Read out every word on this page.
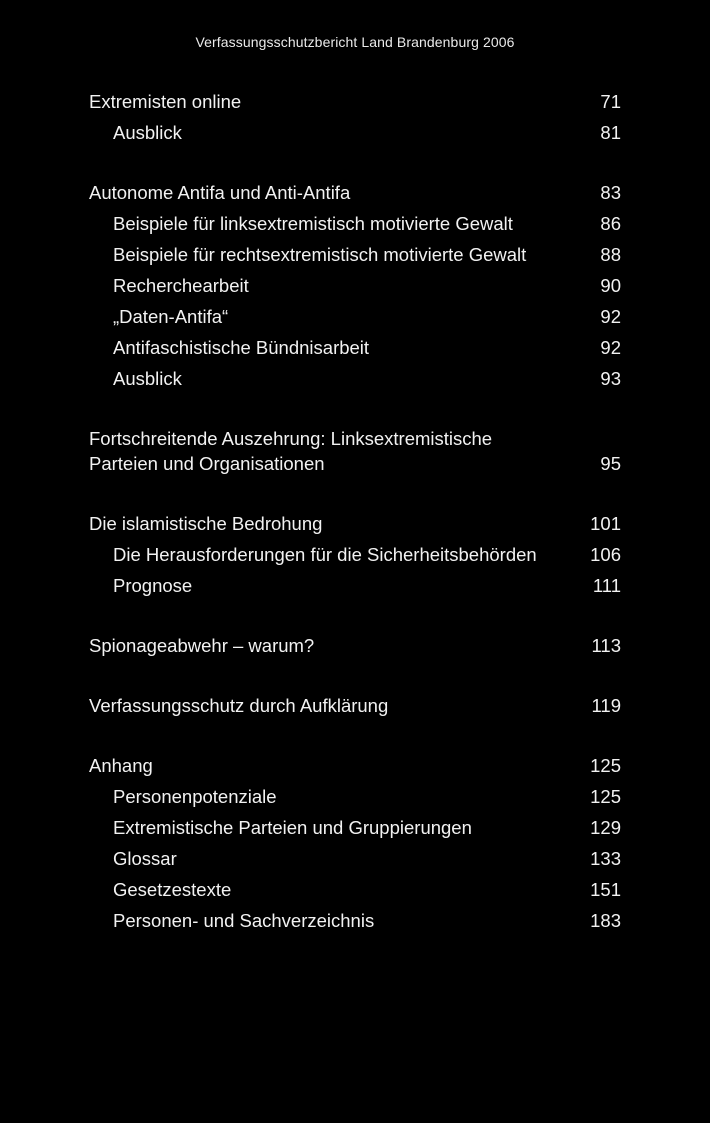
Verfassungsschutzbericht Land Brandenburg 2006
Extremisten online	71
Ausblick	81
Autonome Antifa und Anti-Antifa	83
Beispiele für linksextremistisch motivierte Gewalt	86
Beispiele für rechtsextremistisch motivierte Gewalt	88
Recherchearbeit	90
„Daten-Antifa“	92
Antifaschistische Bündnisarbeit	92
Ausblick	93
Fortschreitende Auszehrung: Linksextremistische Parteien und Organisationen	95
Die islamistische Bedrohung	101
Die Herausforderungen für die Sicherheitsbehörden	106
Prognose	111
Spionageabwehr – warum?	113
Verfassungsschutz durch Aufklärung	119
Anhang	125
Personenpotenziale	125
Extremistische Parteien und Gruppierungen	129
Glossar	133
Gesetzestexte	151
Personen- und Sachverzeichnis	183
